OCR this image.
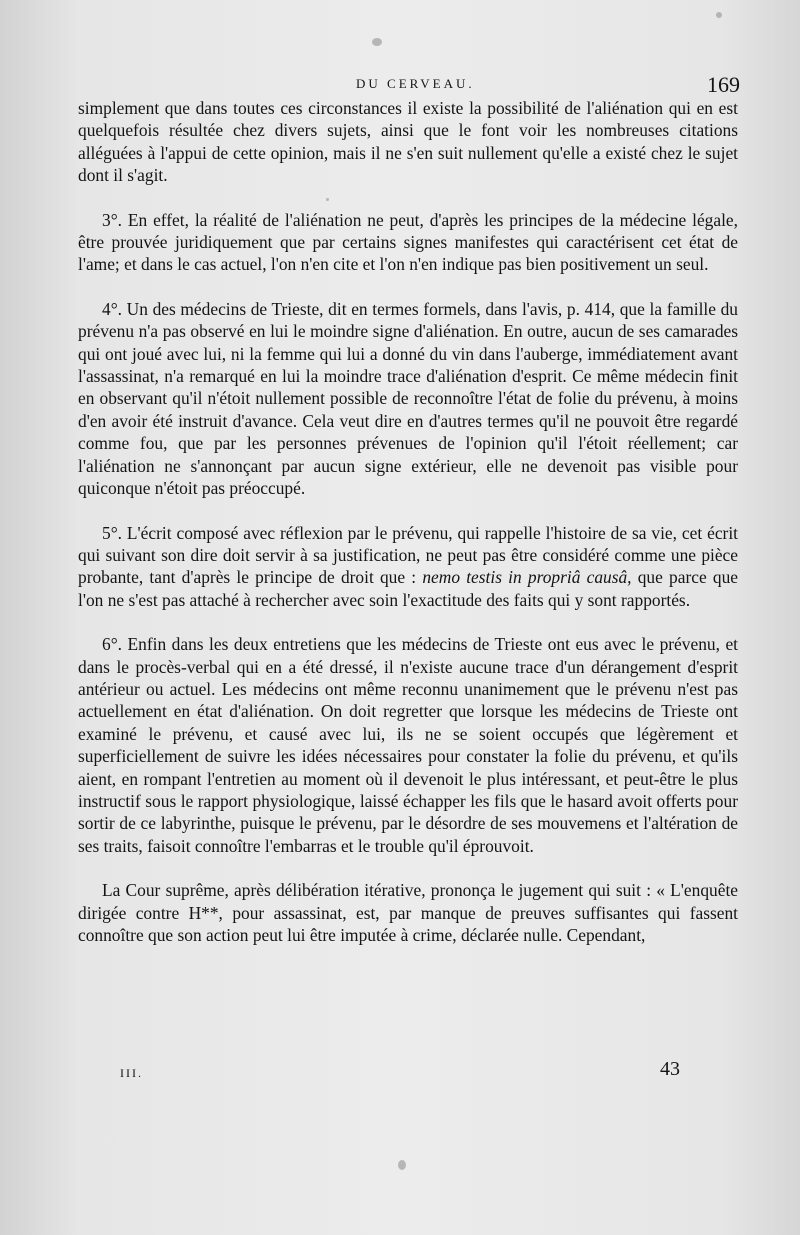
DU CERVEAU.	169

simplement que dans toutes ces circonstances il existe la possibilité de l'aliénation qui en est quelquefois résultée chez divers sujets, ainsi que le font voir les nombreuses citations alléguées à l'appui de cette opinion, mais il ne s'en suit nullement qu'elle a existé chez le sujet dont il s'agit.

3°. En effet, la réalité de l'aliénation ne peut, d'après les principes de la médecine légale, être prouvée juridiquement que par certains signes manifestes qui caractérisent cet état de l'ame; et dans le cas actuel, l'on n'en cite et l'on n'en indique pas bien positivement un seul.

4°. Un des médecins de Trieste, dit en termes formels, dans l'avis, p. 414, que la famille du prévenu n'a pas observé en lui le moindre signe d'aliénation. En outre, aucun de ses camarades qui ont joué avec lui, ni la femme qui lui a donné du vin dans l'auberge, immédiatement avant l'assassinat, n'a remarqué en lui la moindre trace d'aliénation d'esprit. Ce même médecin finit en observant qu'il n'étoit nullement possible de reconnoître l'état de folie du prévenu, à moins d'en avoir été instruit d'avance. Cela veut dire en d'autres termes qu'il ne pouvoit être regardé comme fou, que par les personnes prévenues de l'opinion qu'il l'étoit réellement; car l'aliénation ne s'annonçant par aucun signe extérieur, elle ne devenoit pas visible pour quiconque n'étoit pas préoccupé.

5°. L'écrit composé avec réflexion par le prévenu, qui rappelle l'histoire de sa vie, cet écrit qui suivant son dire doit servir à sa justification, ne peut pas être considéré comme une pièce probante, tant d'après le principe de droit que : nemo testis in propriâ causâ, que parce que l'on ne s'est pas attaché à rechercher avec soin l'exactitude des faits qui y sont rapportés.

6°. Enfin dans les deux entretiens que les médecins de Trieste ont eus avec le prévenu, et dans le procès-verbal qui en a été dressé, il n'existe aucune trace d'un dérangement d'esprit antérieur ou actuel. Les médecins ont même reconnu unanimement que le prévenu n'est pas actuellement en état d'aliénation. On doit regretter que lorsque les médecins de Trieste ont examiné le prévenu, et causé avec lui, ils ne se soient occupés que légèrement et superficiellement de suivre les idées nécessaires pour constater la folie du prévenu, et qu'ils aient, en rompant l'entretien au moment où il devenoit le plus intéressant, et peut-être le plus instructif sous le rapport physiologique, laissé échapper les fils que le hasard avoit offerts pour sortir de ce labyrinthe, puisque le prévenu, par le désordre de ses mouvemens et l'altération de ses traits, faisoit connoître l'embarras et le trouble qu'il éprouvoit.

La Cour suprême, après délibération itérative, prononça le jugement qui suit : « L'enquête dirigée contre H**, pour assassinat, est, par manque de preuves suffisantes qui fassent connoître que son action peut lui être imputée à crime, déclarée nulle. Cependant,

III.	43
